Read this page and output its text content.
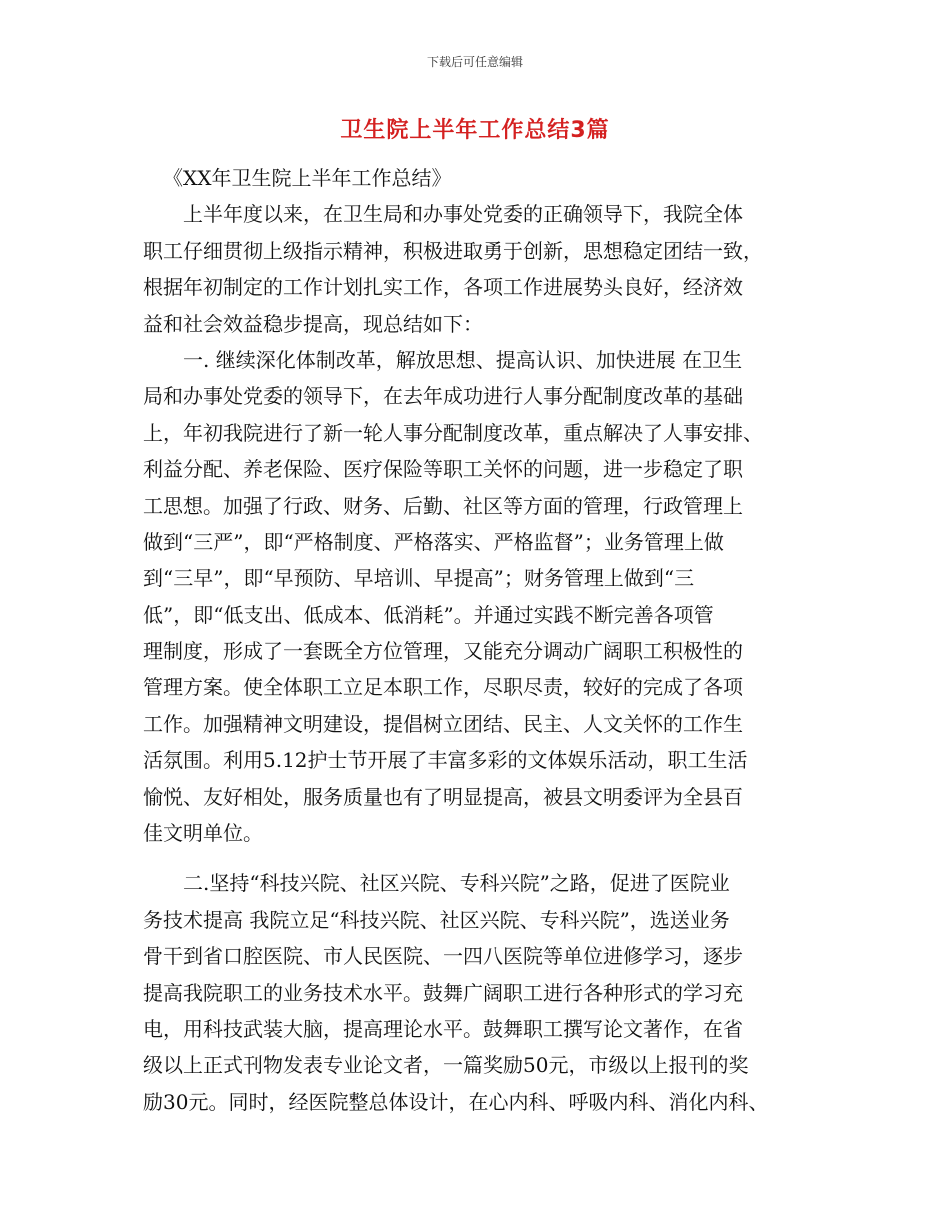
下载后可任意编辑
卫生院上半年工作总结3篇
《XX年卫生院上半年工作总结》
上半年度以来，在卫生局和办事处党委的正确领导下，我院全体
职工仔细贯彻上级指示精神，积极进取勇于创新，思想稳定团结一致，
根据年初制定的工作计划扎实工作，各项工作进展势头良好，经济效
益和社会效益稳步提高，现总结如下：
一. 继续深化体制改革，解放思想、提高认识、加快进展 在卫生
局和办事处党委的领导下，在去年成功进行人事分配制度改革的基础
上，年初我院进行了新一轮人事分配制度改革，重点解决了人事安排、
利益分配、养老保险、医疗保险等职工关怀的问题，进一步稳定了职
工思想。加强了行政、财务、后勤、社区等方面的管理，行政管理上
做到“三严”，即“严格制度、严格落实、严格监督”；业务管理上做
到“三早”，即“早预防、早培训、早提高”；财务管理上做到“三
低”，即“低支出、低成本、低消耗”。并通过实践不断完善各项管
理制度，形成了一套既全方位管理，又能充分调动广阔职工积极性的
管理方案。使全体职工立足本职工作，尽职尽责，较好的完成了各项
工作。加强精神文明建设，提倡树立团结、民主、人文关怀的工作生
活氛围。利用5.12护士节开展了丰富多彩的文体娱乐活动，职工生活
愉悦、友好相处，服务质量也有了明显提高，被县文明委评为全县百
佳文明单位。
二.坚持“科技兴院、社区兴院、专科兴院”之路，促进了医院业
务技术提高 我院立足“科技兴院、社区兴院、专科兴院”，选送业务
骨干到省口腔医院、市人民医院、一四八医院等单位进修学习，逐步
提高我院职工的业务技术水平。鼓舞广阔职工进行各种形式的学习充
电，用科技武装大脑，提高理论水平。鼓舞职工撰写论文著作，在省
级以上正式刊物发表专业论文者，一篇奖励50元，市级以上报刊的奖
励30元。同时，经医院整总体设计，在心内科、呼吸内科、消化内科、
